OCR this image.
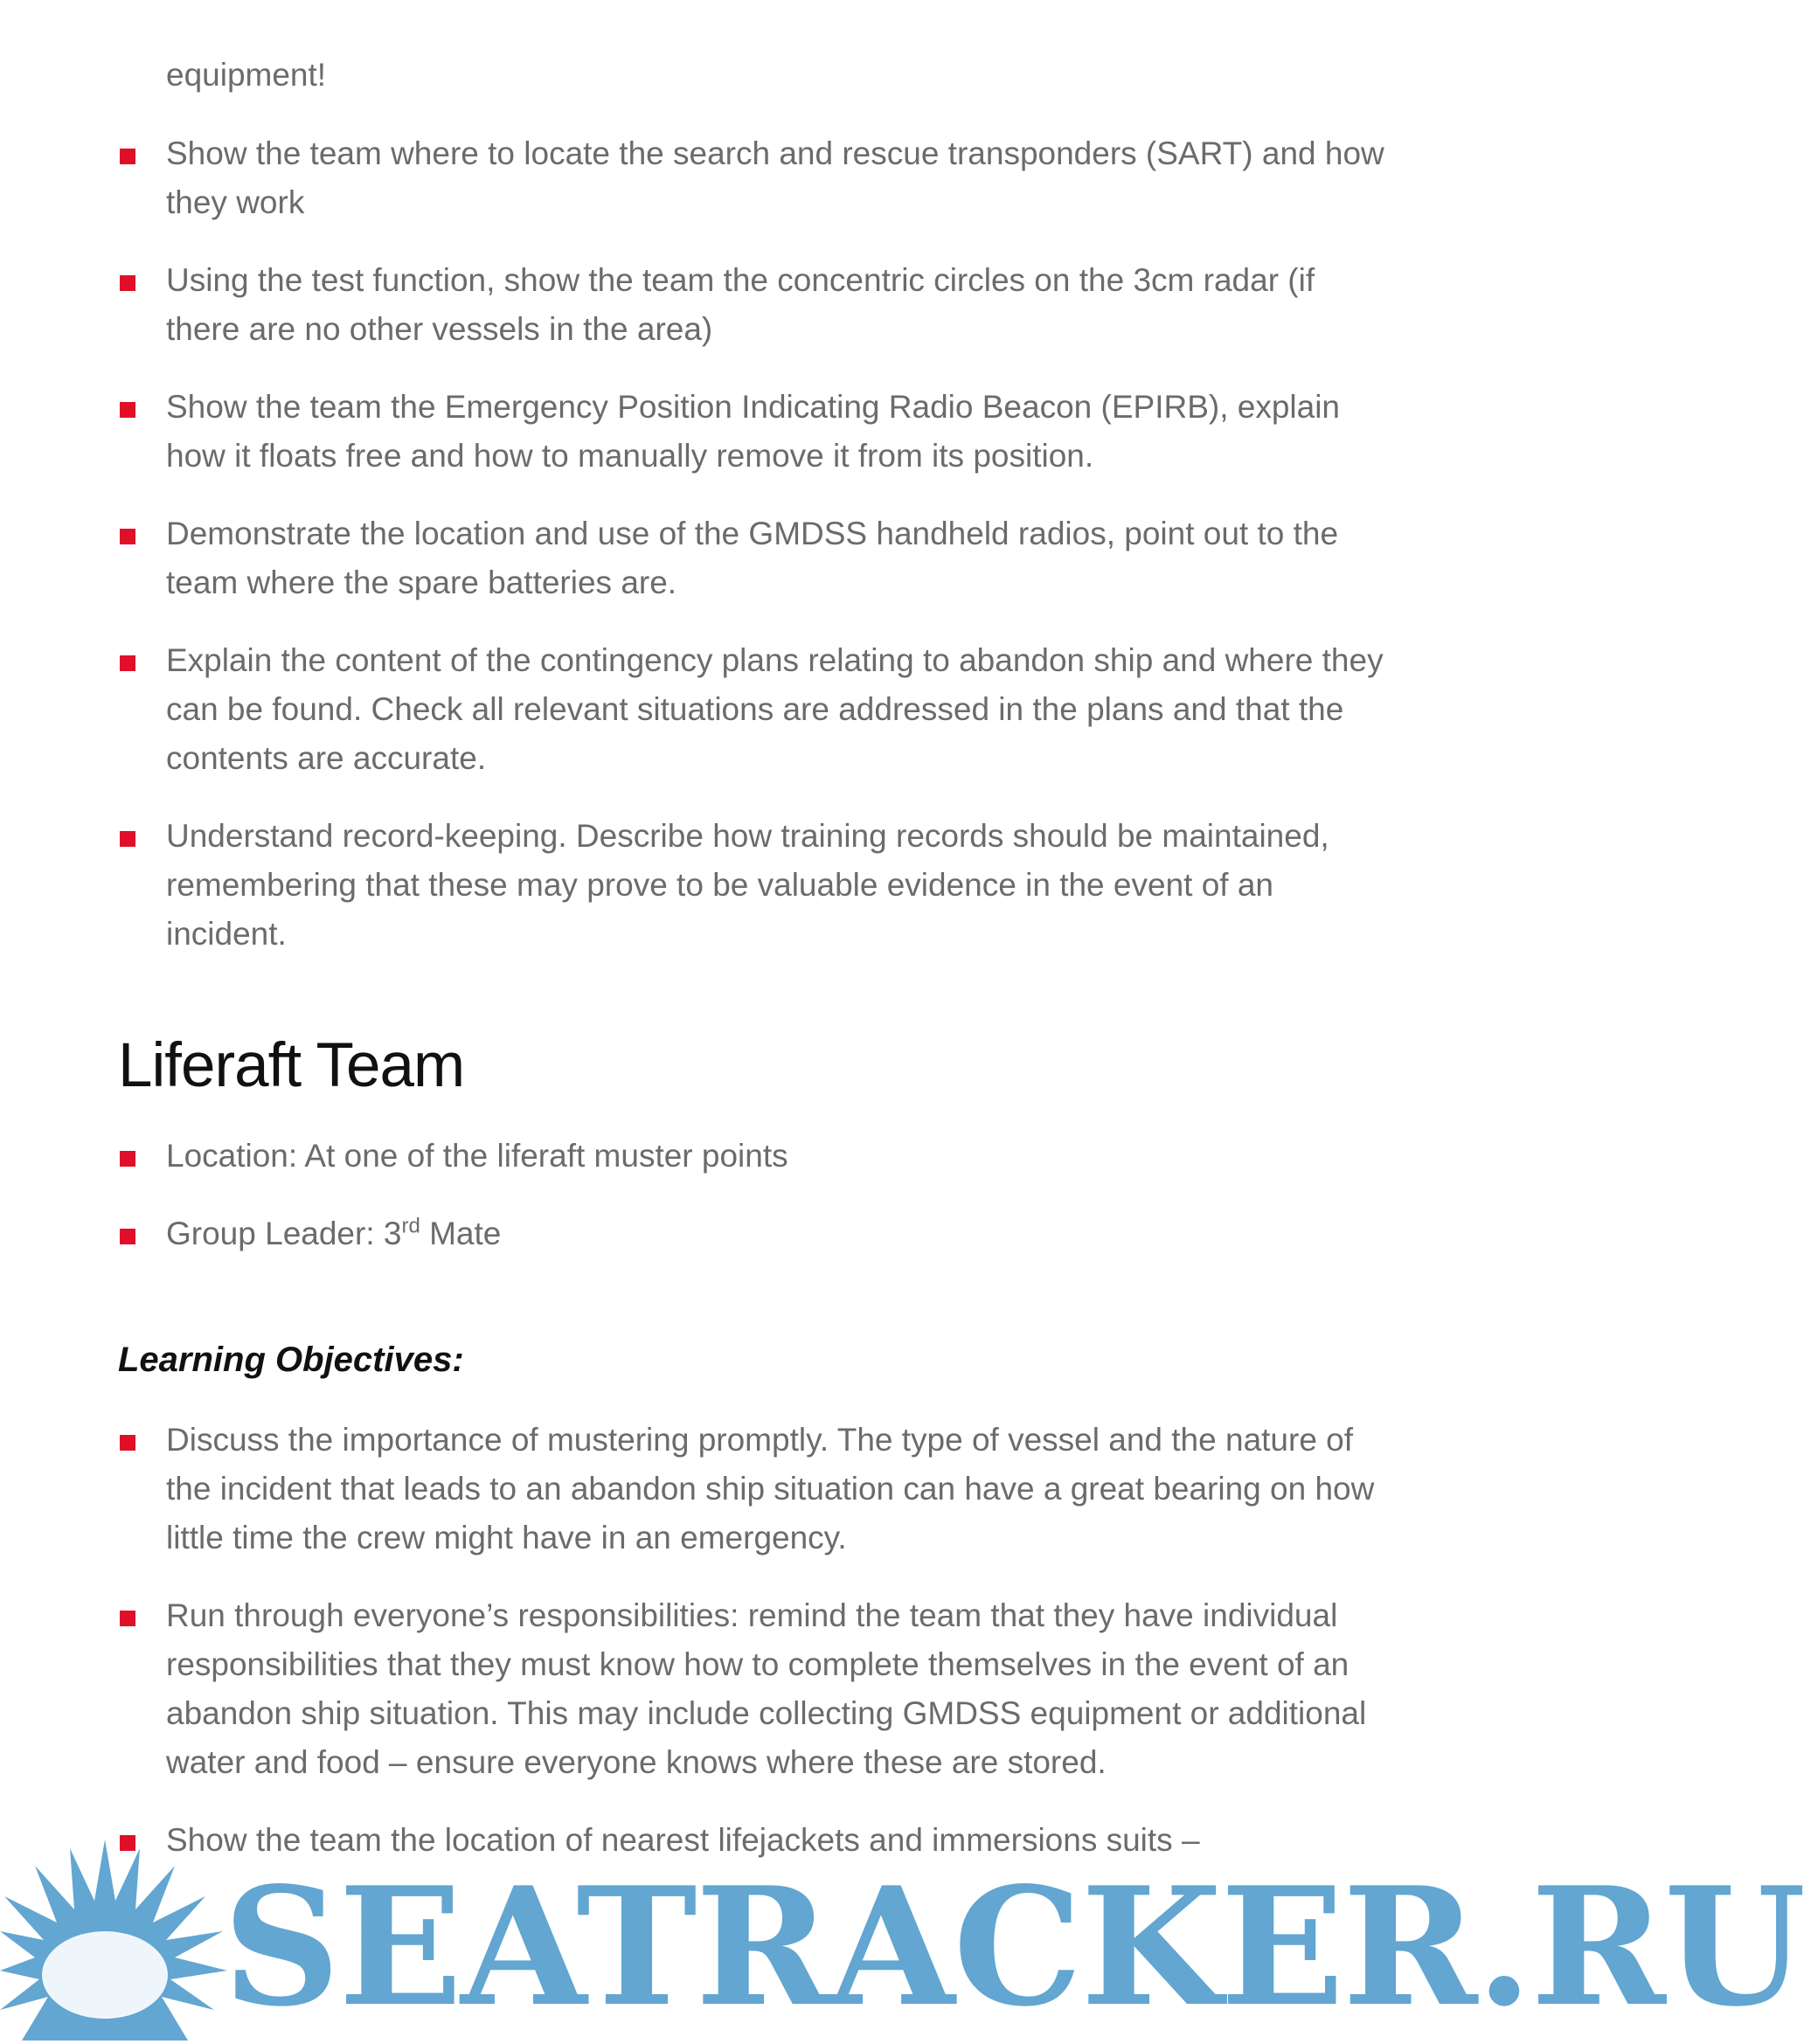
equipment!
Show the team where to locate the search and rescue transponders (SART) and how they work
Using the test function, show the team the concentric circles on the 3cm radar (if there are no other vessels in the area)
Show the team the Emergency Position Indicating Radio Beacon (EPIRB), explain how it floats free and how to manually remove it from its position.
Demonstrate the location and use of the GMDSS handheld radios, point out to the team where the spare batteries are.
Explain the content of the contingency plans relating to abandon ship and where they can be found. Check all relevant situations are addressed in the plans and that the contents are accurate.
Understand record-keeping. Describe how training records should be maintained, remembering that these may prove to be valuable evidence in the event of an incident.
Liferaft Team
Location: At one of the liferaft muster points
Group Leader: 3rd Mate
Learning Objectives:
Discuss the importance of mustering promptly. The type of vessel and the nature of the incident that leads to an abandon ship situation can have a great bearing on how little time the crew might have in an emergency.
Run through everyone’s responsibilities: remind the team that they have individual responsibilities that they must know how to complete themselves in the event of an abandon ship situation. This may include collecting GMDSS equipment or additional water and food – ensure everyone knows where these are stored.
Show the team the location of nearest lifejackets and immersions suits –
SEATRACKER.RU
